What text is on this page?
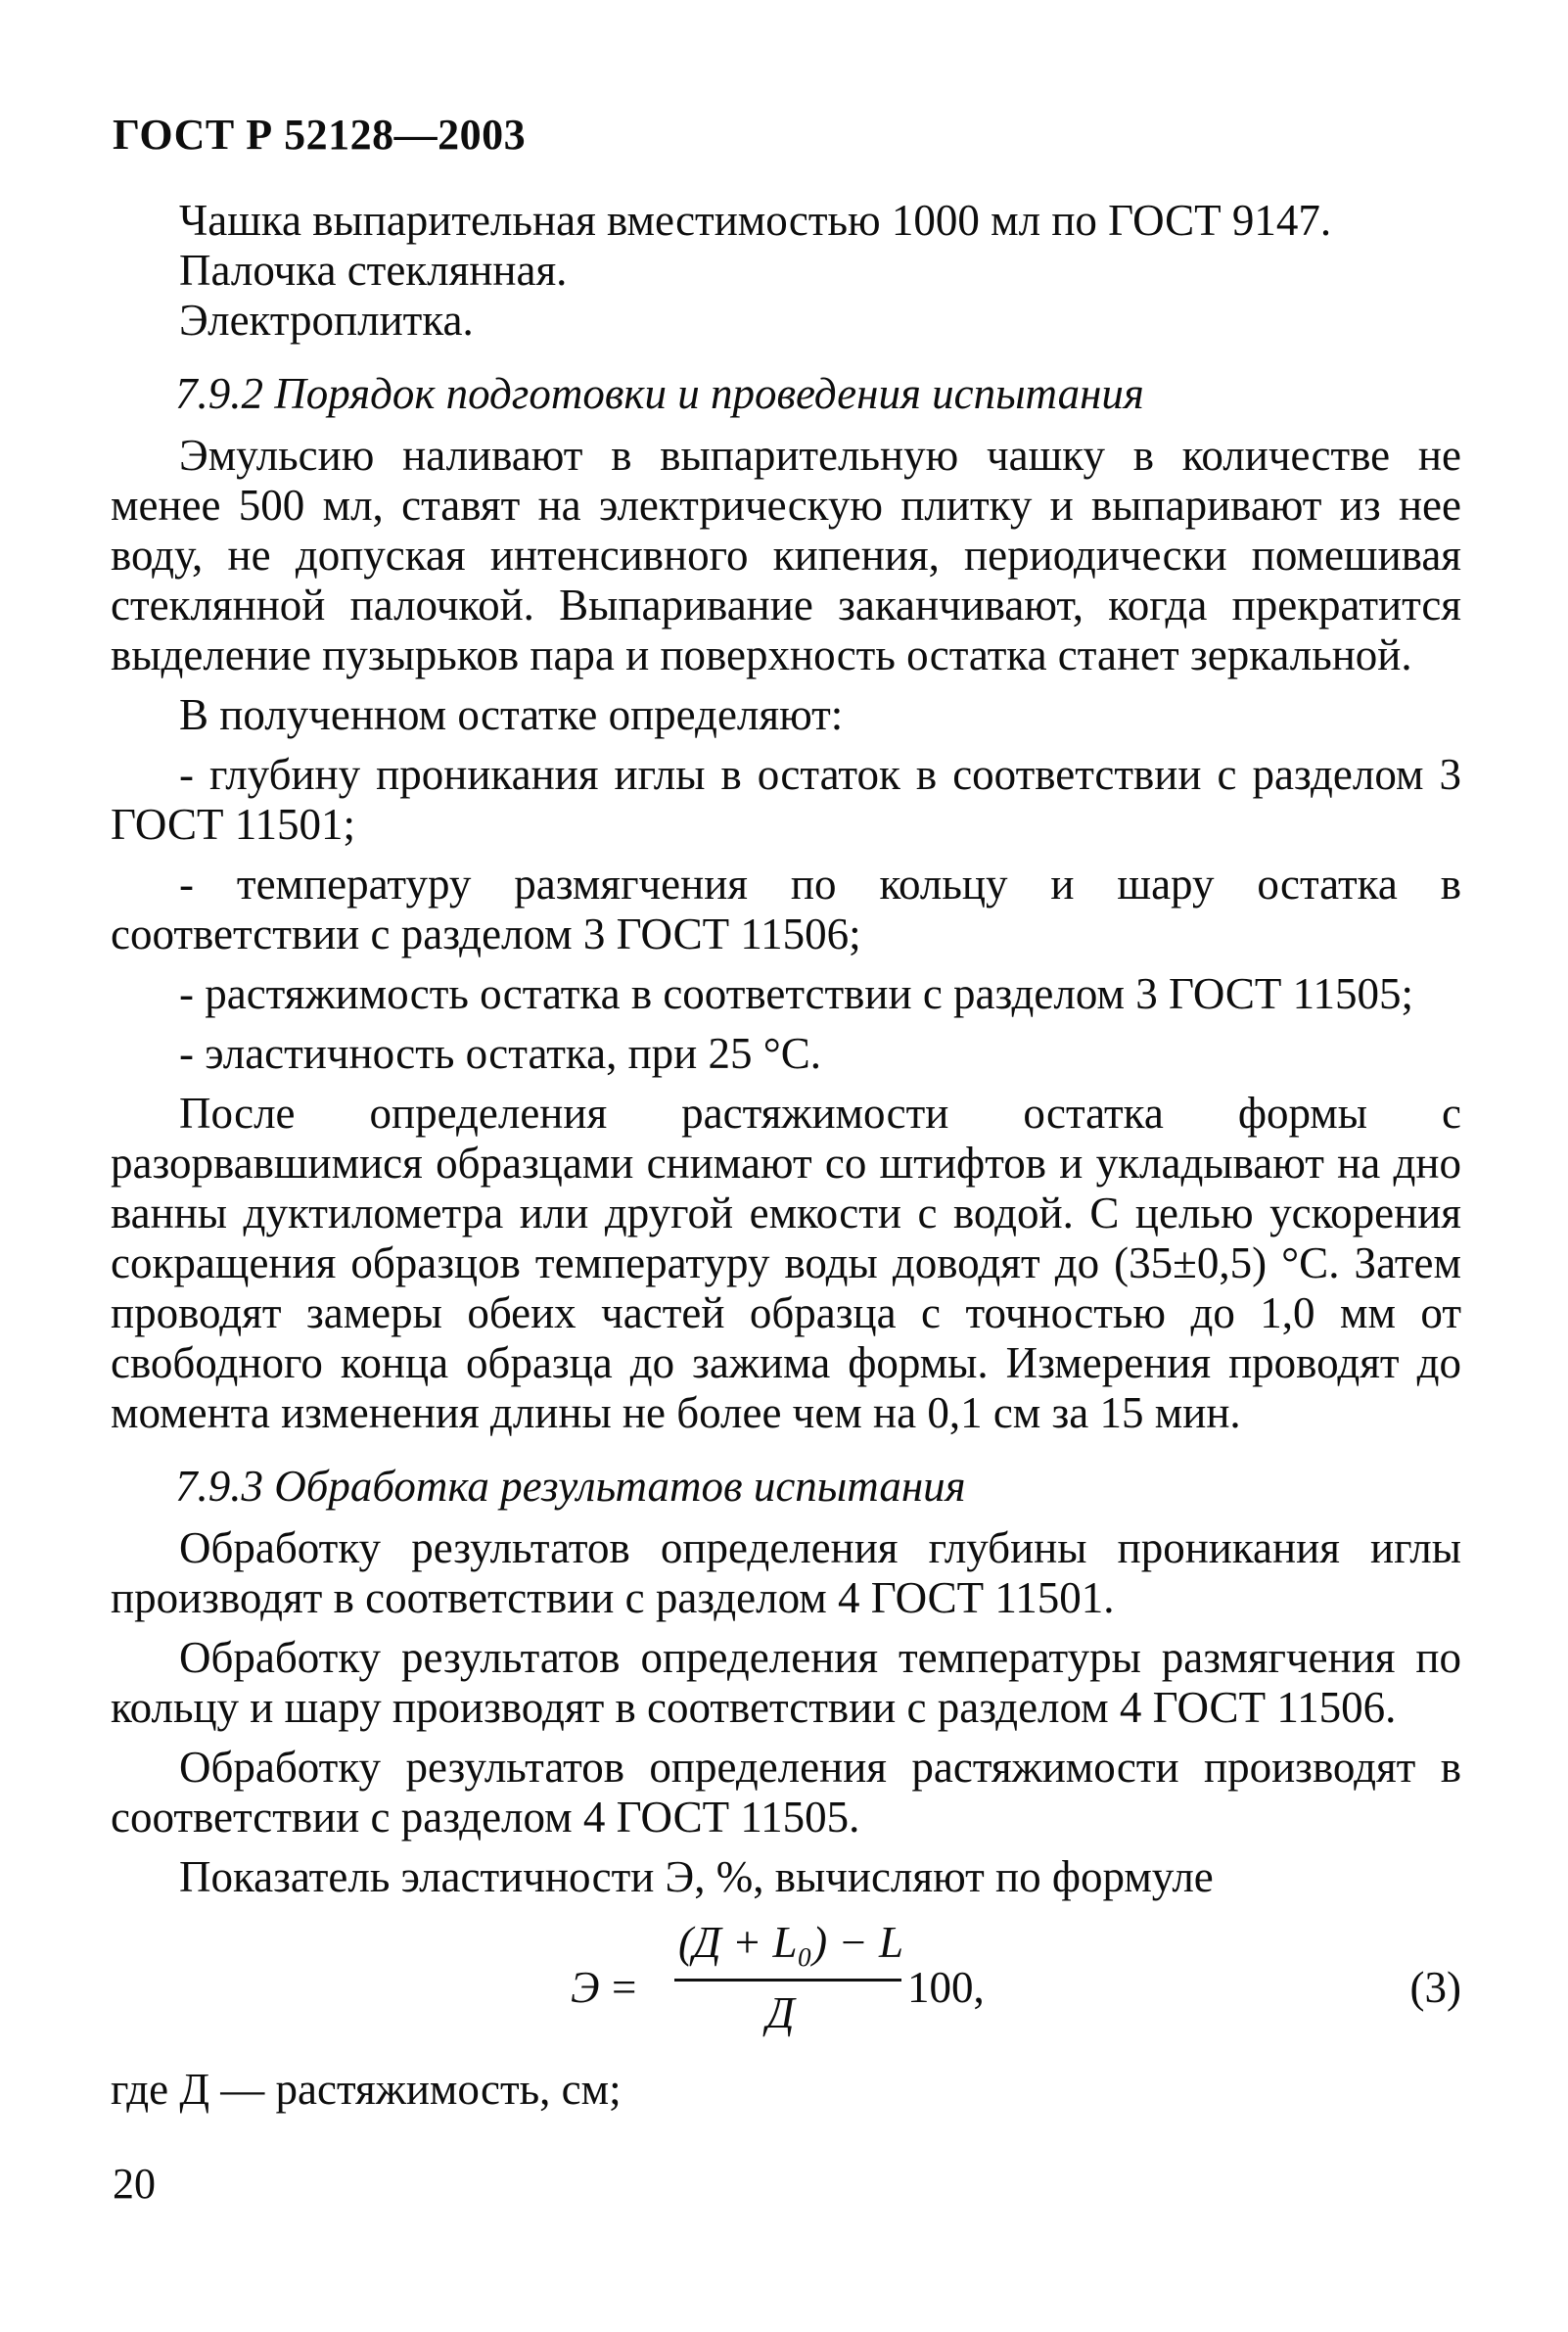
ГОСТ Р 52128—2003

Чашка выпарительная вместимостью 1000 мл по ГОСТ 9147.

Палочка стеклянная.

Электроплитка.

7.9.2 Порядок подготовки и проведения испытания

Эмульсию наливают в выпарительную чашку в количестве не менее 500 мл, ставят на электрическую плитку и выпаривают из нее воду, не допуская интенсивного кипения, периодически помешивая стеклянной палочкой. Выпаривание заканчивают, когда прекратится выделение пузырьков пара и поверхность остатка станет зеркальной.

В полученном остатке определяют:

- глубину проникания иглы в остаток в соответствии с разделом 3 ГОСТ 11501;

- температуру размягчения по кольцу и шару остатка в соответствии с разделом 3 ГОСТ 11506;

- растяжимость остатка в соответствии с разделом 3 ГОСТ 11505;

- эластичность остатка, при 25 °С.

После определения растяжимости остатка формы с разорвавшимися образцами снимают со штифтов и укладывают на дно ванны дуктилометра или другой емкости с водой. С целью ускорения сокращения образцов температуру воды доводят до (35±0,5) °С. Затем проводят замеры обеих частей образца с точностью до 1,0 мм от свободного конца образца до зажима формы. Измерения проводят до момента изменения длины не более чем на 0,1 см за 15 мин.

7.9.3 Обработка результатов испытания

Обработку результатов определения глубины проникания иглы производят в соответствии с разделом 4 ГОСТ 11501.

Обработку результатов определения температуры размягчения по кольцу и шару производят в соответствии с разделом 4 ГОСТ 11506.

Обработку результатов определения растяжимости производят в соответствии с разделом 4 ГОСТ 11505.

Показатель эластичности Э, %, вычисляют по формуле

Э =
(Д + L₀) − L
Д
100,	(3)

где Д — растяжимость, см;

20
